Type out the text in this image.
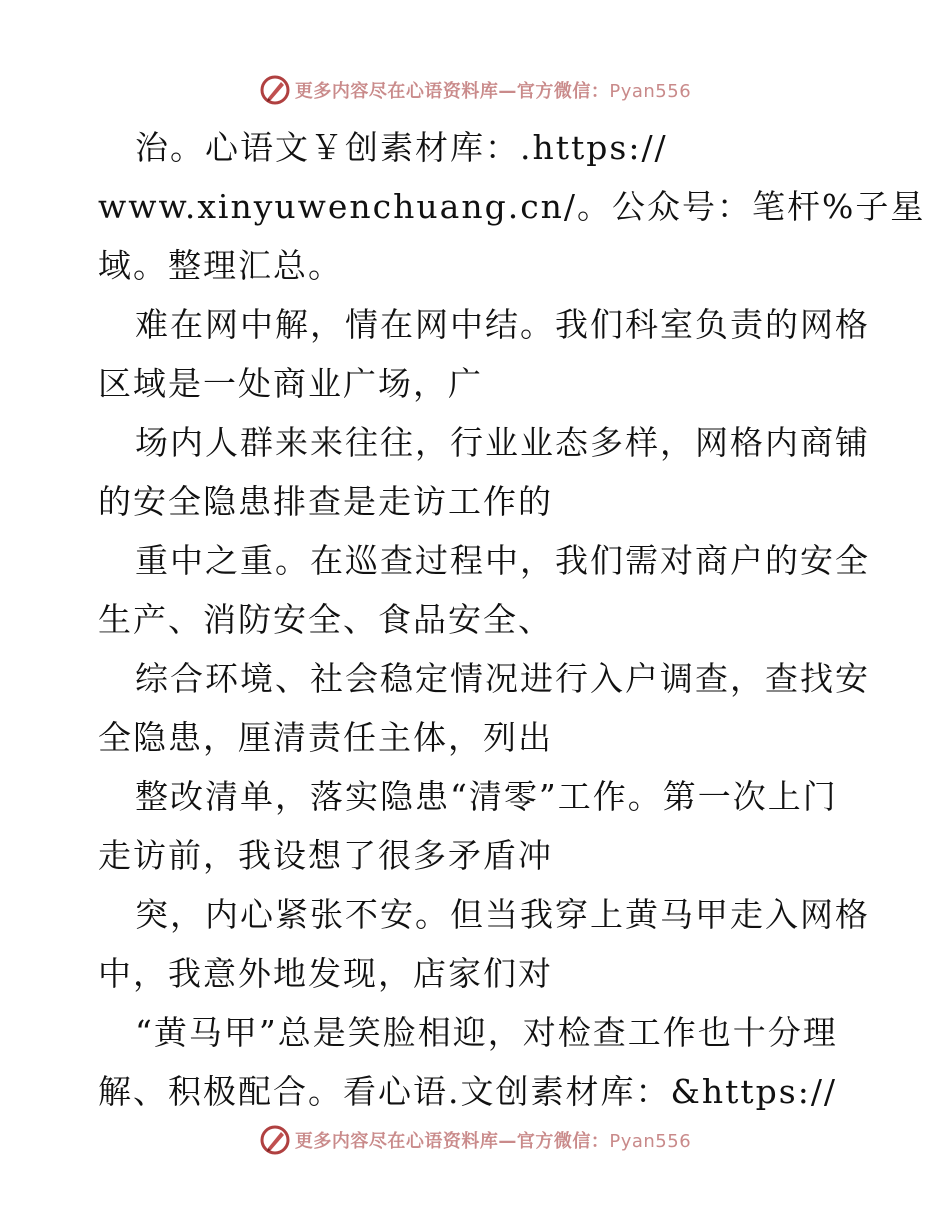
更多内容尽在心语资料库—官方微信：Pyan556
治。心语文￥创素材库：.https://
www.xinyuwenchuang.cn/。公众号：笔杆%子星
域。整理汇总。
难在网中解，情在网中结。我们科室负责的网格
区域是一处商业广场，广
场内人群来来往往，行业业态多样，网格内商铺
的安全隐患排查是走访工作的
重中之重。在巡查过程中，我们需对商户的安全
生产、消防安全、食品安全、
综合环境、社会稳定情况进行入户调查，查找安
全隐患，厘清责任主体，列出
整改清单，落实隐患“清零”工作。第一次上门
走访前，我设想了很多矛盾冲
突，内心紧张不安。但当我穿上黄马甲走入网格
中，我意外地发现，店家们对
“黄马甲”总是笑脸相迎，对检查工作也十分理
解、积极配合。看心语.文创素材库：&https://
更多内容尽在心语资料库—官方微信：Pyan556
